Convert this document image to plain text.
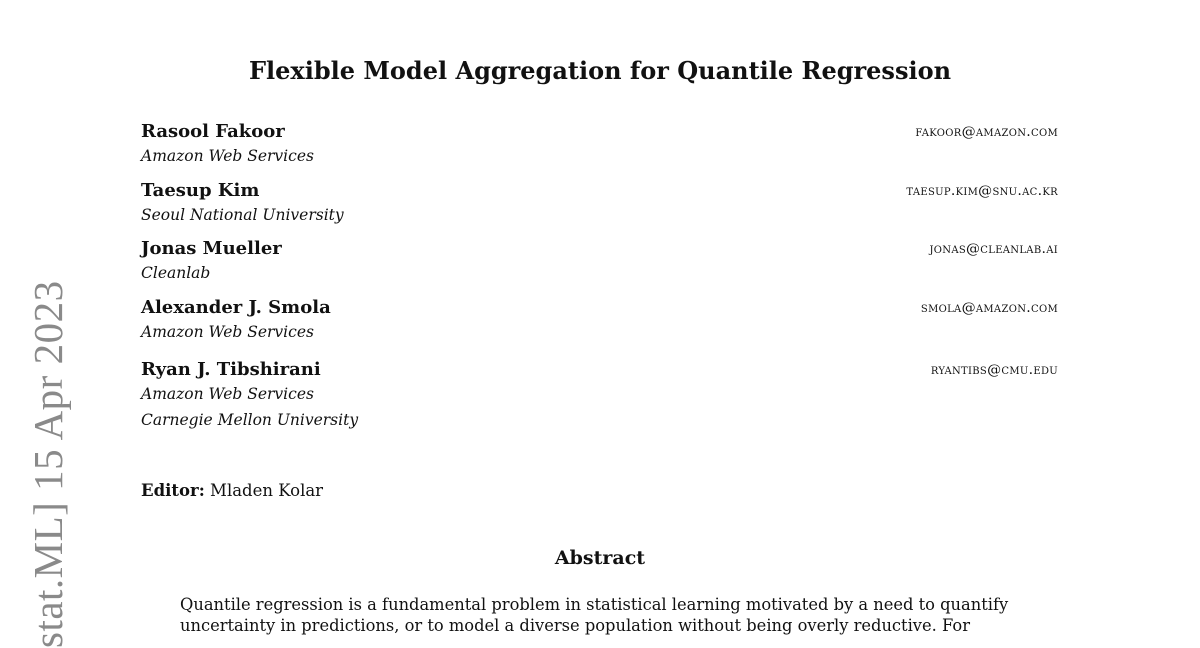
stat.ML] 15 Apr 2023
Flexible Model Aggregation for Quantile Regression
Rasool Fakoor
Amazon Web Services
fakoor@amazon.com
Taesup Kim
Seoul National University
taesup.kim@snu.ac.kr
Jonas Mueller
Cleanlab
jonas@cleanlab.ai
Alexander J. Smola
Amazon Web Services
smola@amazon.com
Ryan J. Tibshirani
Amazon Web Services
Carnegie Mellon University
ryantibs@cmu.edu
Editor: Mladen Kolar
Abstract
Quantile regression is a fundamental problem in statistical learning motivated by a need to quantify
uncertainty in predictions, or to model a diverse population without being overly reductive. For
